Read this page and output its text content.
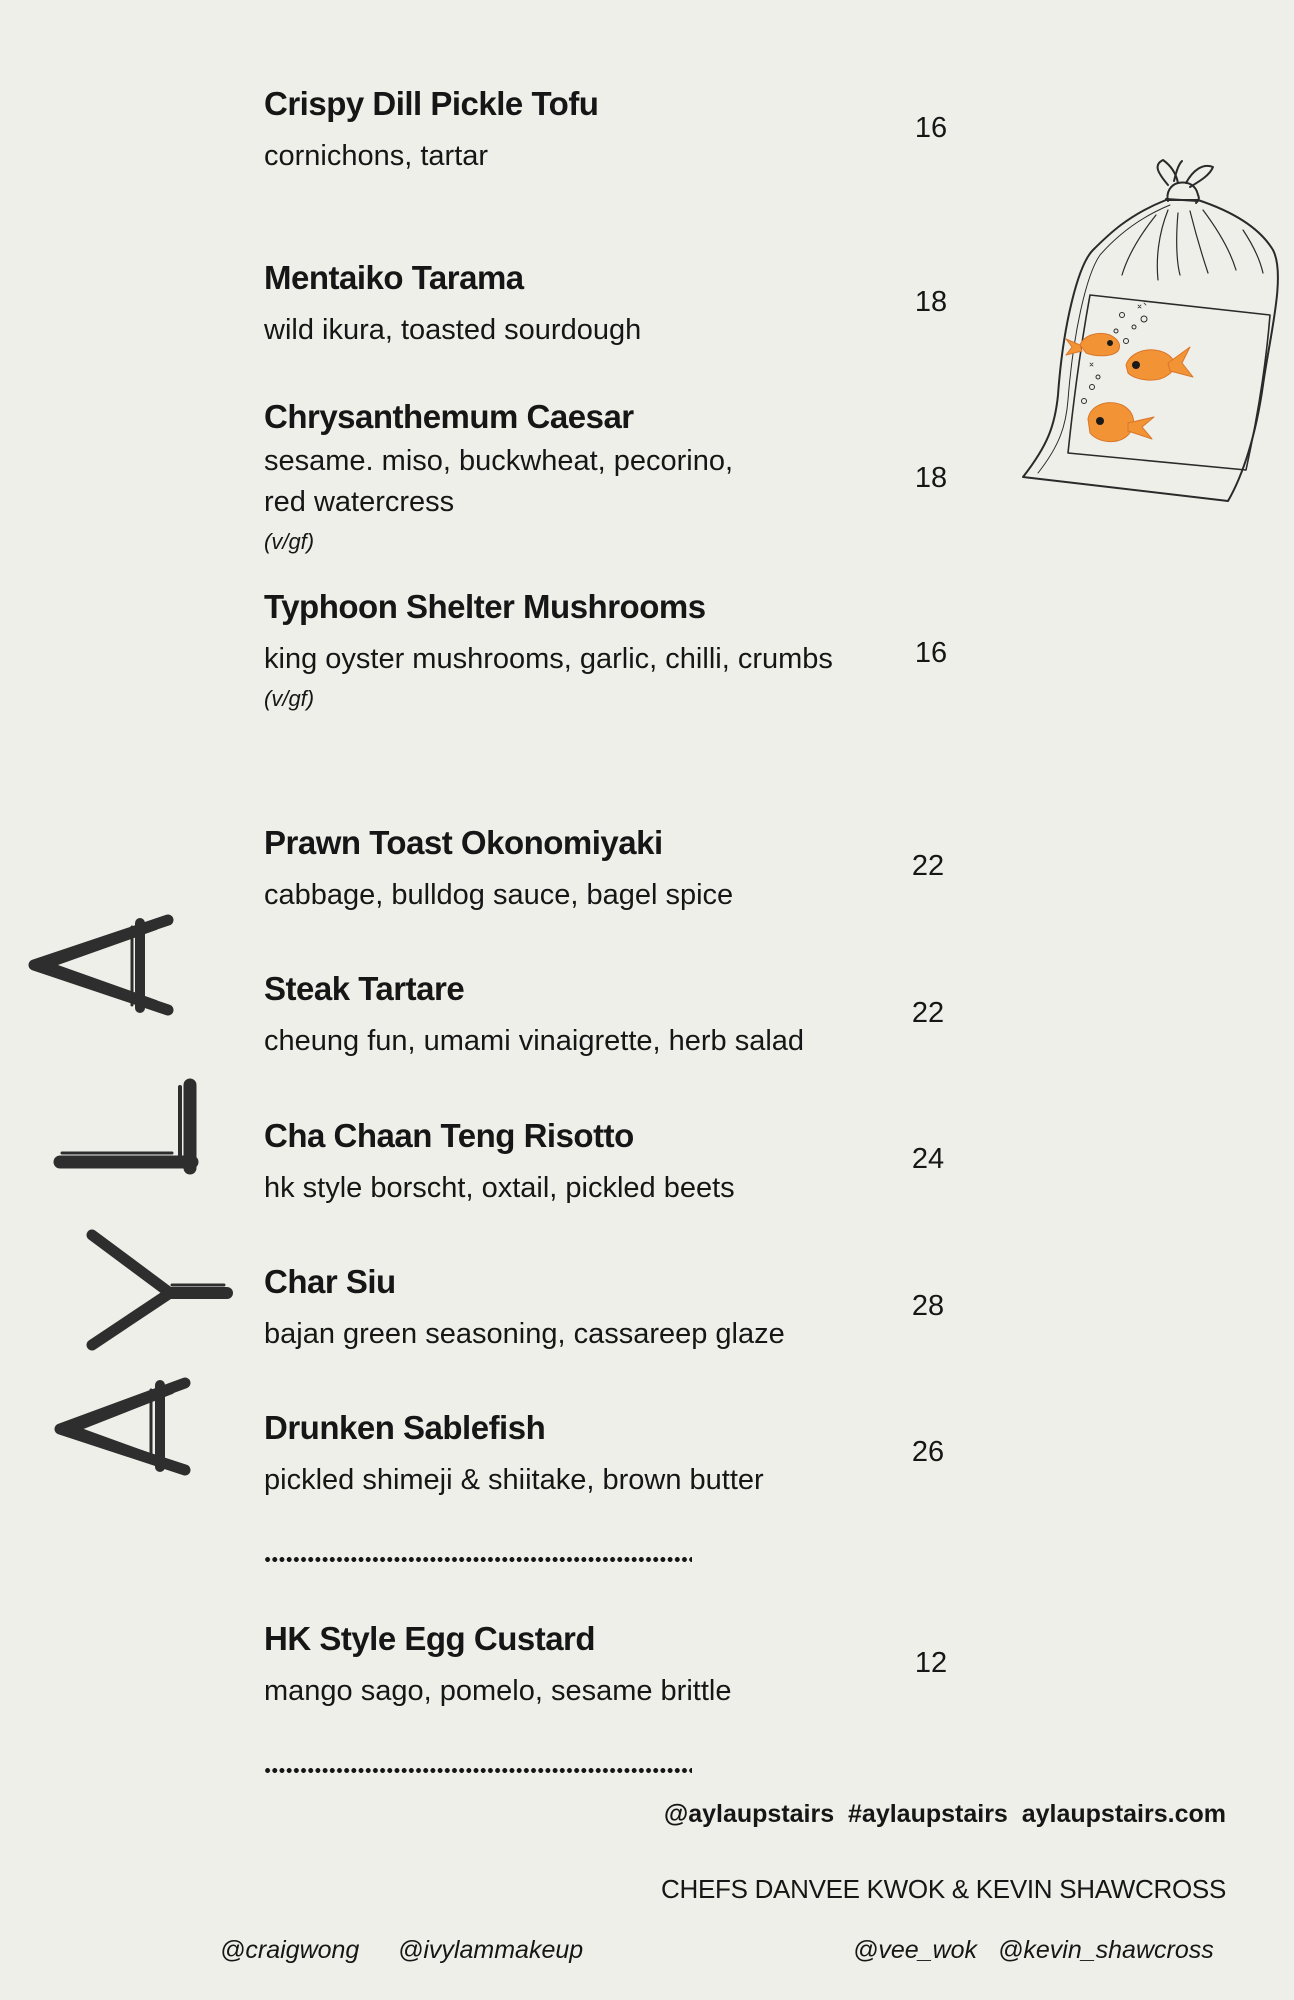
Crispy Dill Pickle Tofu
cornichons, tartar
16
Mentaiko Tarama
wild ikura, toasted sourdough
18
Chrysanthemum Caesar
sesame. miso, buckwheat, pecorino,
red watercress
(v/gf)
18
Typhoon Shelter Mushrooms
king oyster mushrooms, garlic, chilli, crumbs
(v/gf)
16
Prawn Toast Okonomiyaki
cabbage, bulldog sauce, bagel spice
22
Steak Tartare
cheung fun, umami vinaigrette, herb salad
22
Cha Chaan Teng Risotto
hk style borscht, oxtail, pickled beets
24
Char Siu
bajan green seasoning, cassareep glaze
28
Drunken Sablefish
pickled shimeji & shiitake, brown butter
26
HK Style Egg Custard
mango sago, pomelo, sesame brittle
12
@aylaupstairs  #aylaupstairs  aylaupstairs.com
CHEFS DANVEE KWOK & KEVIN SHAWCROSS
@craigwong @ivylammakeup	@vee_wok @kevin_shawcross
